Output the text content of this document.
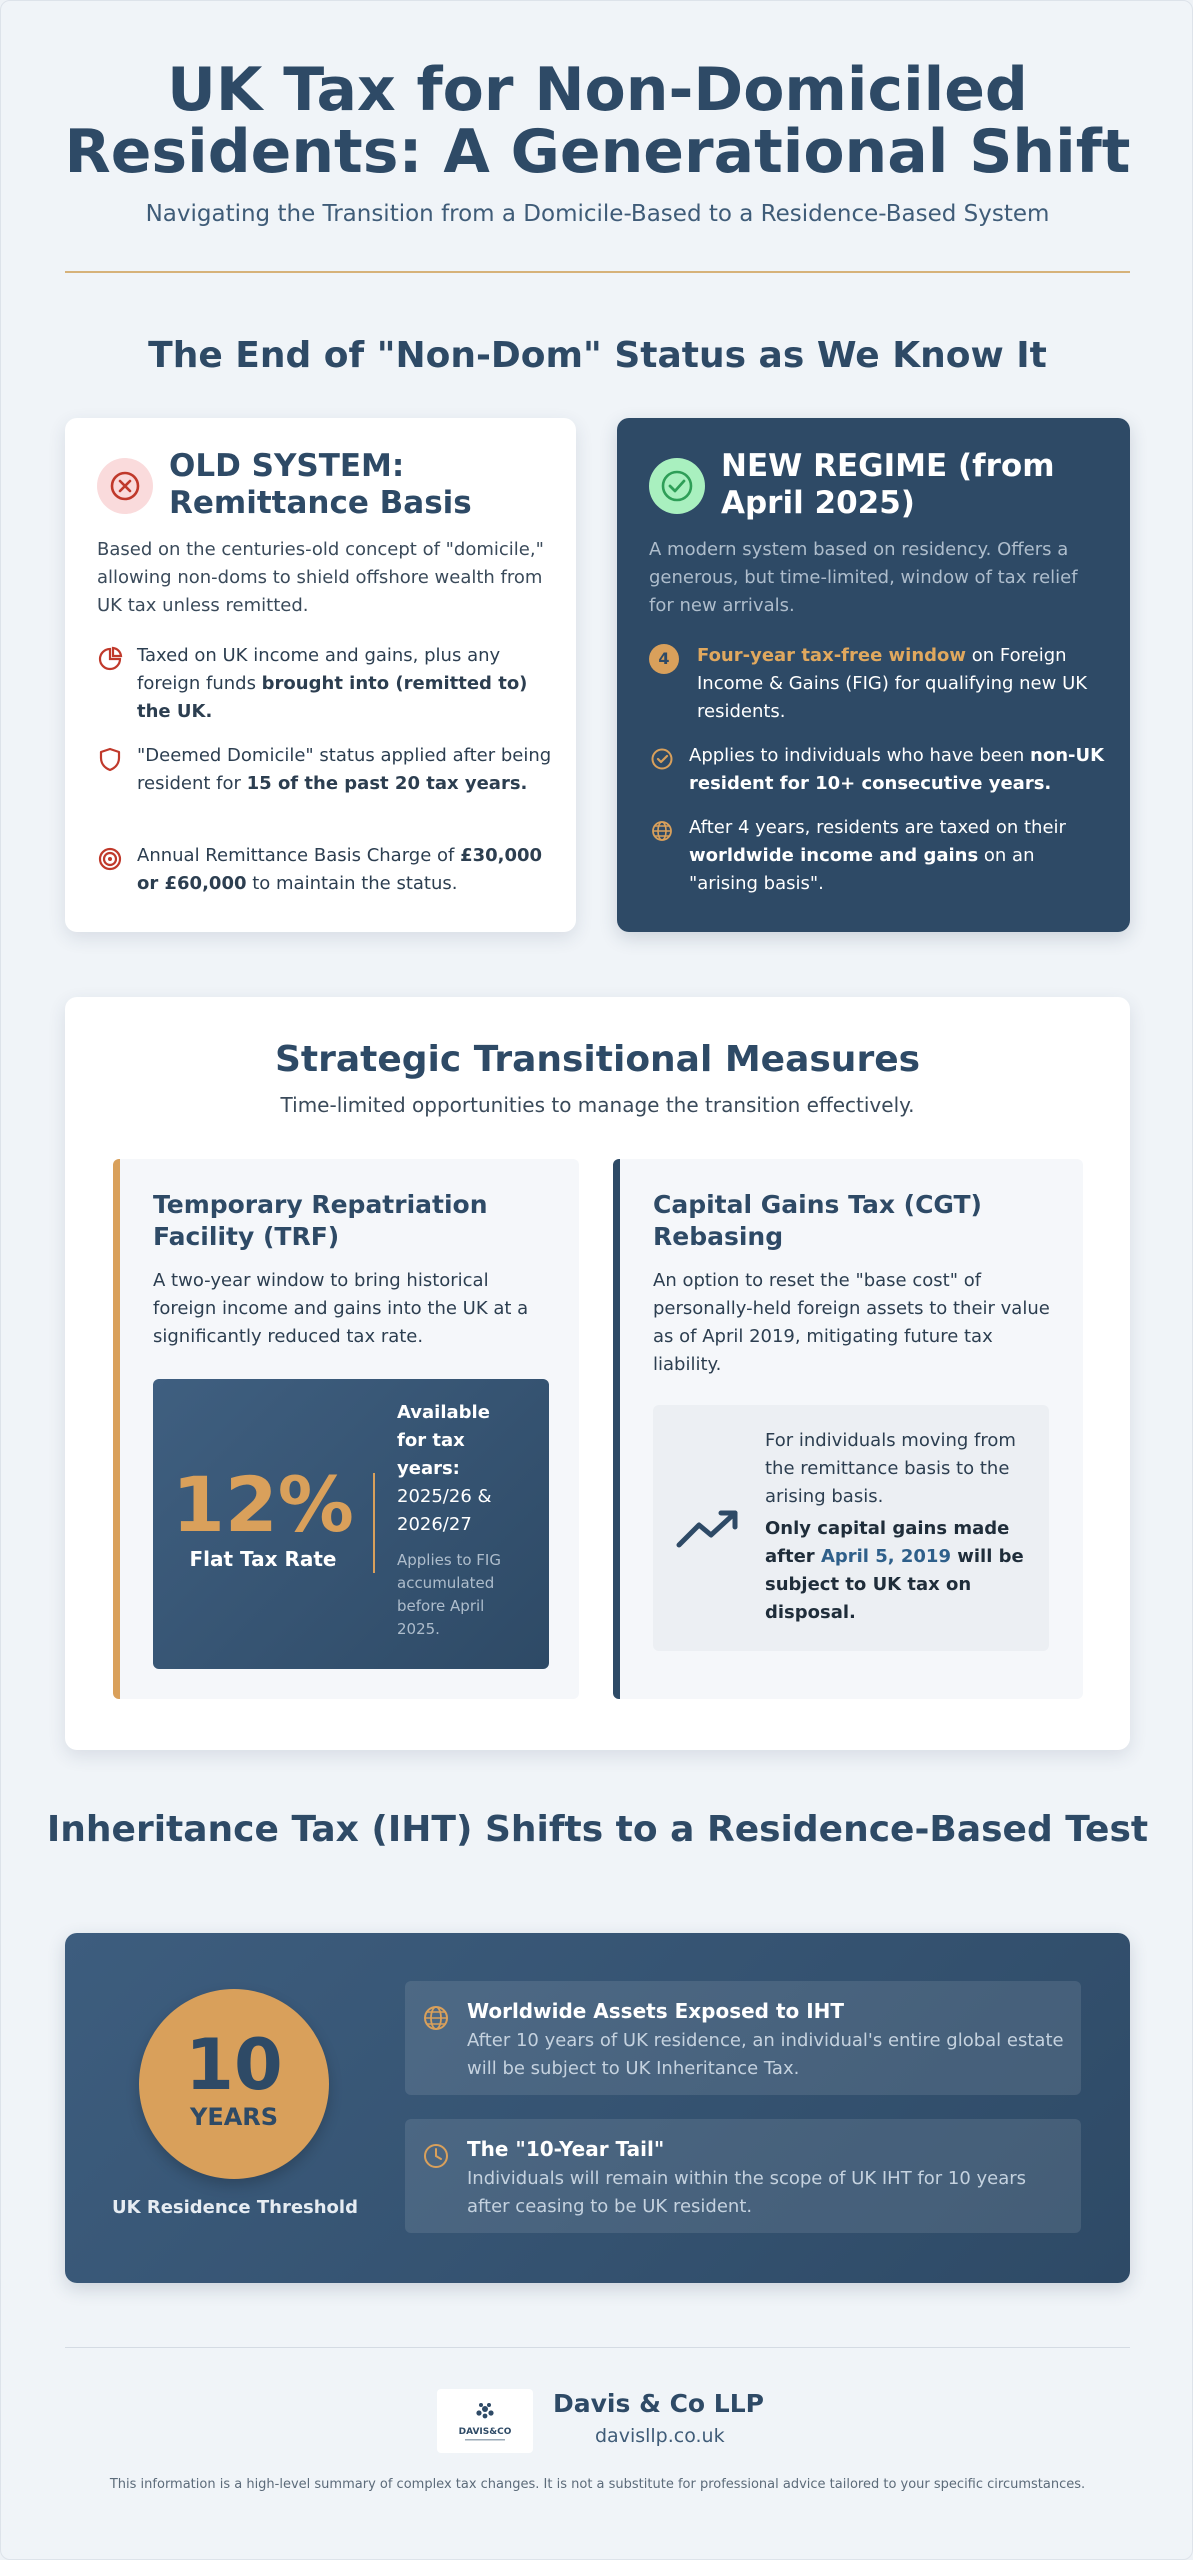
UK Tax for Non-Domiciled Residents: A Generational Shift
Navigating the Transition from a Domicile-Based to a Residence-Based System
The End of "Non-Dom" Status as We Know It
OLD SYSTEM: Remittance Basis
Based on the centuries-old concept of "domicile," allowing non-doms to shield offshore wealth from UK tax unless remitted.
Taxed on UK income and gains, plus any foreign funds brought into (remitted to) the UK.
"Deemed Domicile" status applied after being resident for 15 of the past 20 tax years.
Annual Remittance Basis Charge of £30,000 or £60,000 to maintain the status.
NEW REGIME (from April 2025)
A modern system based on residency. Offers a generous, but time-limited, window of tax relief for new arrivals.
4	Four-year tax-free window on Foreign Income & Gains (FIG) for qualifying new UK residents.
Applies to individuals who have been non-UK resident for 10+ consecutive years.
After 4 years, residents are taxed on their worldwide income and gains on an "arising basis".
Strategic Transitional Measures
Time-limited opportunities to manage the transition effectively.
Temporary Repatriation Facility (TRF)
A two-year window to bring historical foreign income and gains into the UK at a significantly reduced tax rate.
12%
Flat Tax Rate
Available for tax years:
2025/26 & 2026/27
Applies to FIG accumulated before April 2025.
Capital Gains Tax (CGT) Rebasing
An option to reset the "base cost" of personally-held foreign assets to their value as of April 2019, mitigating future tax liability.
For individuals moving from the remittance basis to the arising basis.
Only capital gains made after April 5, 2019 will be subject to UK tax on disposal.
Inheritance Tax (IHT) Shifts to a Residence-Based Test
10
YEARS
UK Residence Threshold
Worldwide Assets Exposed to IHT
After 10 years of UK residence, an individual's entire global estate will be subject to UK Inheritance Tax.
The "10-Year Tail"
Individuals will remain within the scope of UK IHT for 10 years after ceasing to be UK resident.
DAVIS&CO
Davis & Co LLP
davisllp.co.uk
This information is a high-level summary of complex tax changes. It is not a substitute for professional advice tailored to your specific circumstances.
